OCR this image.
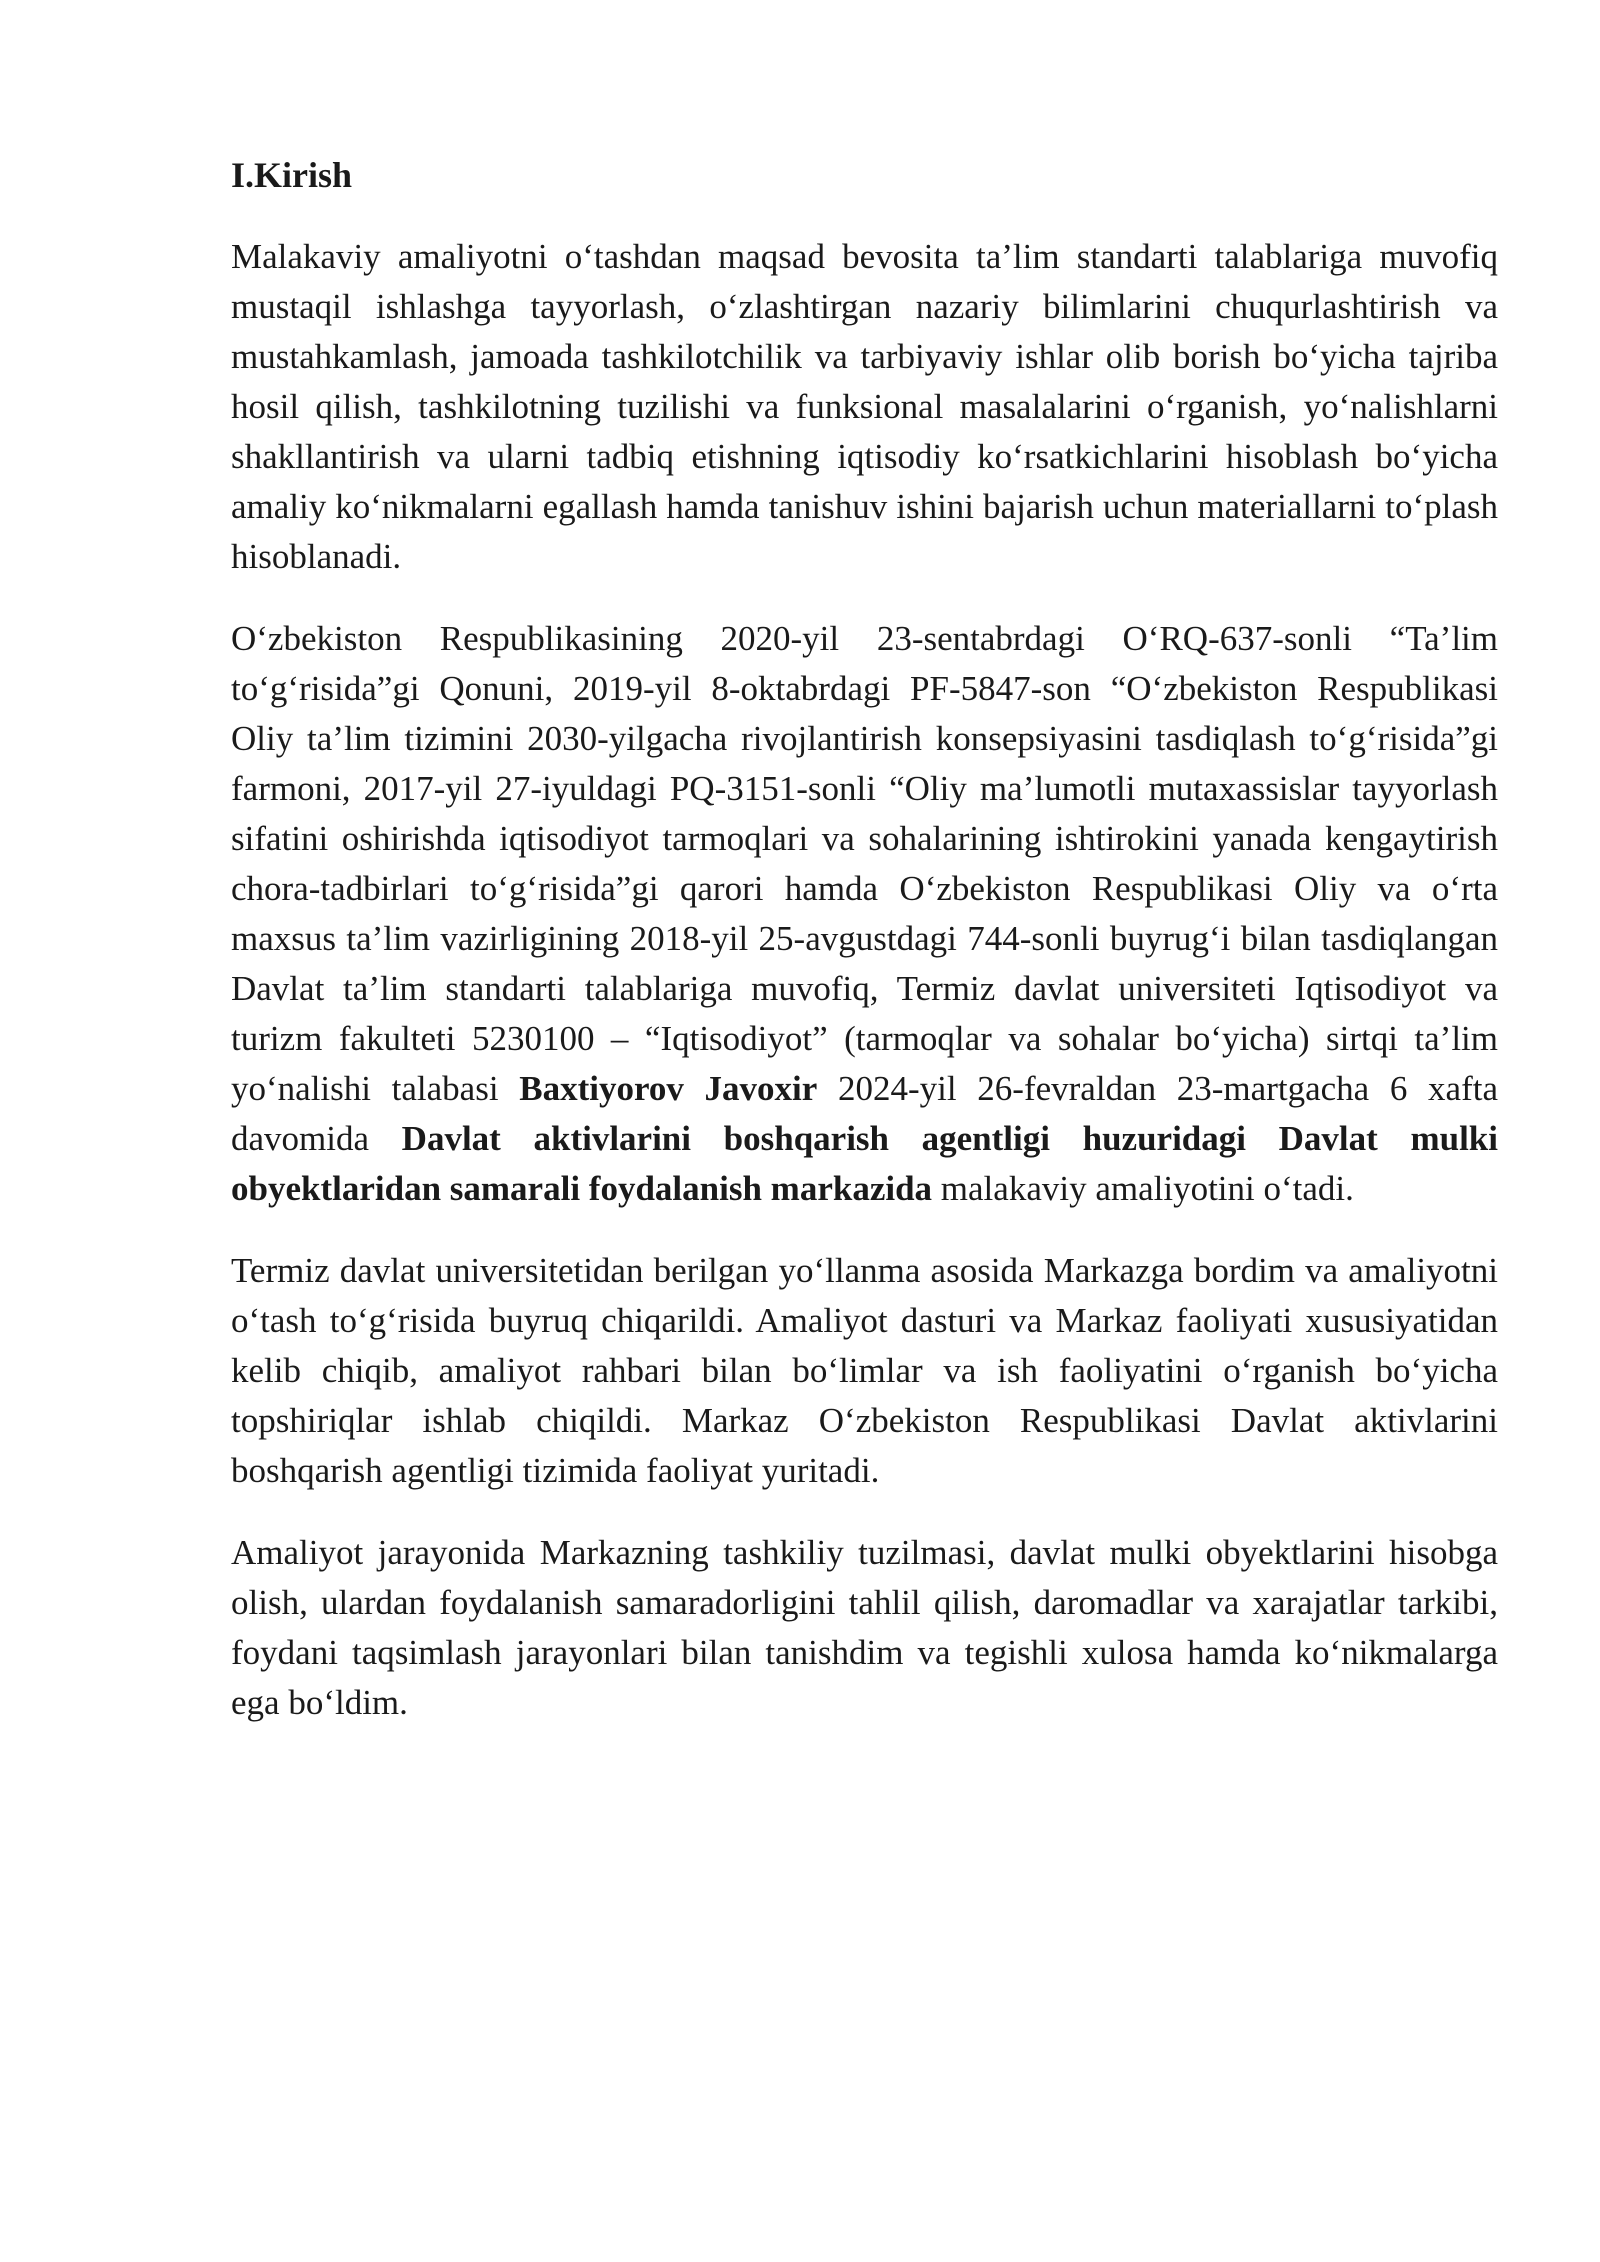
I.Kirish

Malakaviy amaliyotni o‘tashdan maqsad bevosita ta’lim standarti talablariga muvofiq mustaqil ishlashga tayyorlash, o‘zlashtirgan nazariy bilimlarini chuqurlashtirish va mustahkamlash, jamoada tashkilotchilik va tarbiyaviy ishlar olib borish bo‘yicha tajriba hosil qilish, tashkilotning tuzilishi va funksional masalalarini o‘rganish, yo‘nalishlarni shakllantirish va ularni tadbiq etishning iqtisodiy ko‘rsatkichlarini hisoblash bo‘yicha amaliy ko‘nikmalarni egallash hamda tanishuv ishini bajarish uchun materiallarni to‘plash hisoblanadi.

O‘zbekiston Respublikasining 2020-yil 23-sentabrdagi O‘RQ-637-sonli “Ta’lim to‘g‘risida”gi Qonuni, 2019-yil 8-oktabrdagi PF-5847-son “O‘zbekiston Respublikasi Oliy ta’lim tizimini 2030-yilgacha rivojlantirish konsepsiyasini tasdiqlash to‘g‘risida”gi farmoni, 2017-yil 27-iyuldagi PQ-3151-sonli “Oliy ma’lumotli mutaxassislar tayyorlash sifatini oshirishda iqtisodiyot tarmoqlari va sohalarining ishtirokini yanada kengaytirish chora-tadbirlari to‘g‘risida”gi qarori hamda O‘zbekiston Respublikasi Oliy va o‘rta maxsus ta’lim vazirligining 2018-yil 25-avgustdagi 744-sonli buyrug‘i bilan tasdiqlangan Davlat ta’lim standarti talablariga muvofiq, Termiz davlat universiteti Iqtisodiyot va turizm fakulteti 5230100 – “Iqtisodiyot” (tarmoqlar va sohalar bo‘yicha) sirtqi ta’lim yo‘nalishi talabasi Baxtiyorov Javoxir 2024-yil 26-fevraldan 23-martgacha 6 xafta davomida Davlat aktivlarini boshqarish agentligi huzuridagi Davlat mulki obyektlaridan samarali foydalanish markazida malakaviy amaliyotini o‘tadi.

Termiz davlat universitetidan berilgan yo‘llanma asosida Markazga bordim va amaliyotni o‘tash to‘g‘risida buyruq chiqarildi. Amaliyot dasturi va Markaz faoliyati xususiyatidan kelib chiqib, amaliyot rahbari bilan bo‘limlar va ish faoliyatini o‘rganish bo‘yicha topshiriqlar ishlab chiqildi. Markaz O‘zbekiston Respublikasi Davlat aktivlarini boshqarish agentligi tizimida faoliyat yuritadi.

Amaliyot jarayonida Markazning tashkiliy tuzilmasi, davlat mulki obyektlarini hisobga olish, ulardan foydalanish samaradorligini tahlil qilish, daromadlar va xarajatlar tarkibi, foydani taqsimlash jarayonlari bilan tanishdim va tegishli xulosa hamda ko‘nikmalarga ega bo‘ldim.
